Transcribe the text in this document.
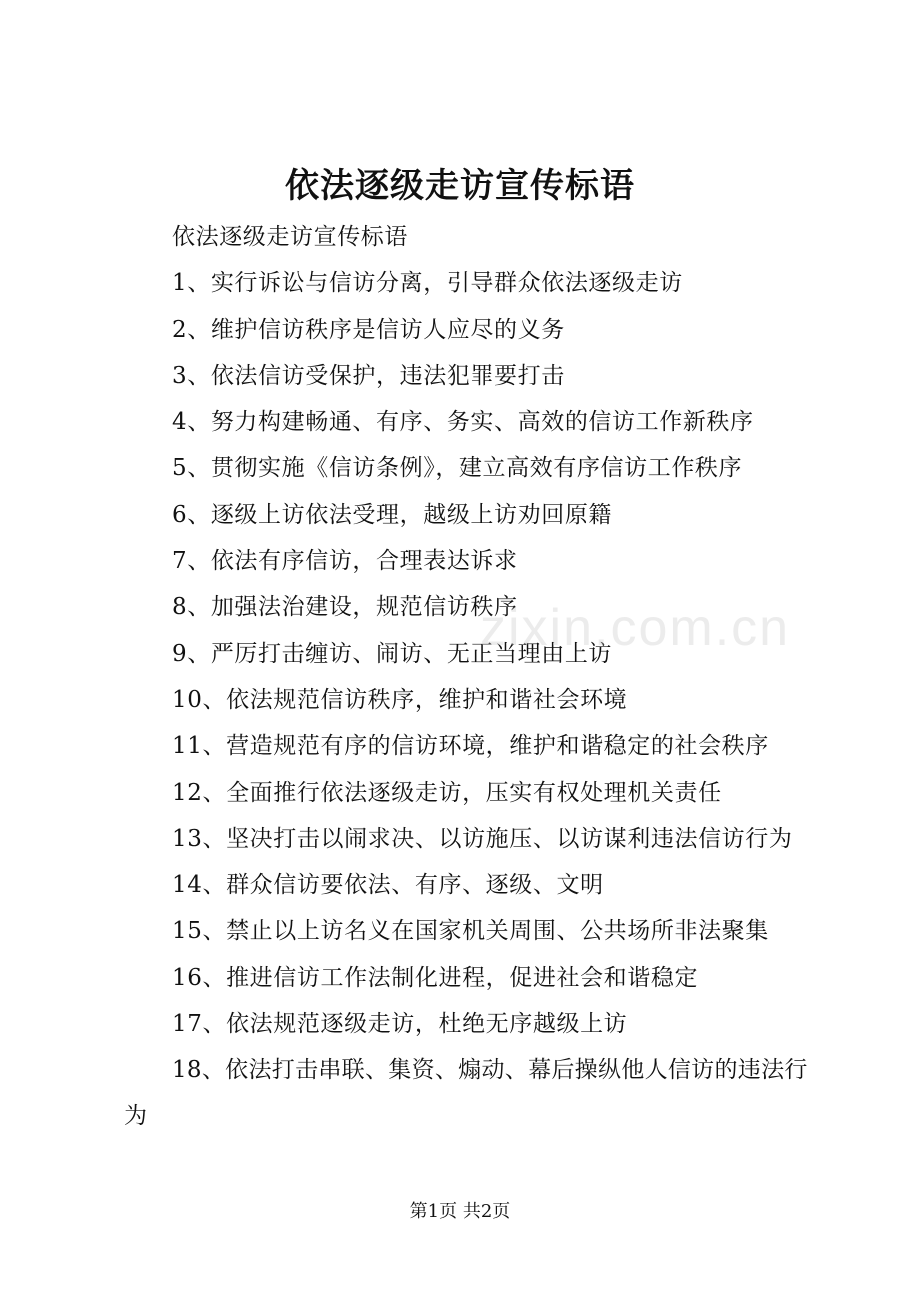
依法逐级走访宣传标语
依法逐级走访宣传标语
1、实行诉讼与信访分离，引导群众依法逐级走访
2、维护信访秩序是信访人应尽的义务
3、依法信访受保护，违法犯罪要打击
4、努力构建畅通、有序、务实、高效的信访工作新秩序
5、贯彻实施《信访条例》，建立高效有序信访工作秩序
6、逐级上访依法受理，越级上访劝回原籍
7、依法有序信访，合理表达诉求
8、加强法治建设，规范信访秩序
9、严厉打击缠访、闹访、无正当理由上访
10、依法规范信访秩序，维护和谐社会环境
11、营造规范有序的信访环境，维护和谐稳定的社会秩序
12、全面推行依法逐级走访，压实有权处理机关责任
13、坚决打击以闹求决、以访施压、以访谋利违法信访行为
14、群众信访要依法、有序、逐级、文明
15、禁止以上访名义在国家机关周围、公共场所非法聚集
16、推进信访工作法制化进程，促进社会和谐稳定
17、依法规范逐级走访，杜绝无序越级上访
18、依法打击串联、集资、煽动、幕后操纵他人信访的违法行为
zixin.com.cn
第1页 共2页
